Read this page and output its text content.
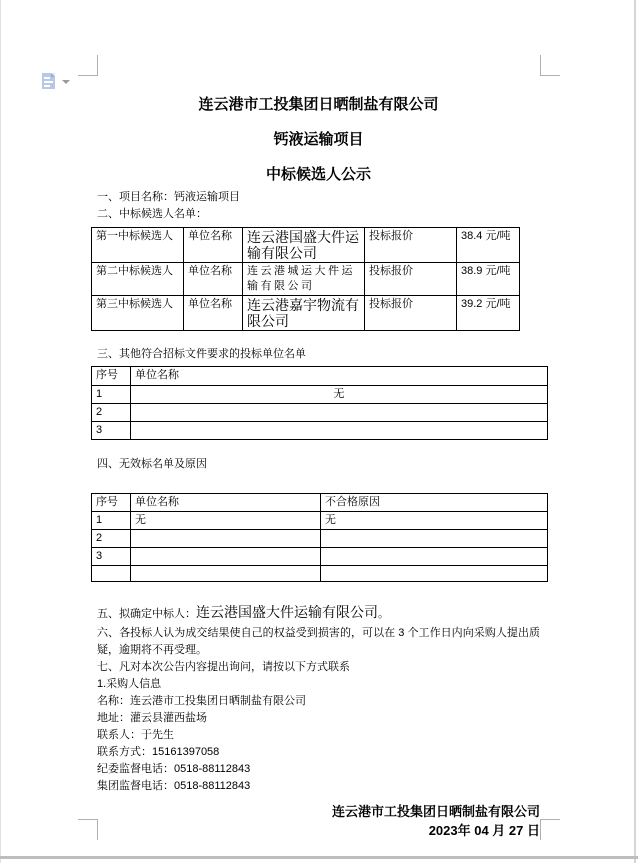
连云港市工投集团日晒制盐有限公司

钙液运输项目

中标候选人公示

一、项目名称：钙液运输项目

二、中标候选人名单：

第一中标候选人	单位名称	连云港国盛大件运输有限公司	投标报价	38.4 元/吨
第二中标候选人	单位名称	连云港城运大件运输有限公司	投标报价	38.9 元/吨
第三中标候选人	单位名称	连云港嘉宇物流有限公司	投标报价	39.2 元/吨

三、其他符合招标文件要求的投标单位名单

序号	单位名称
1	无
2	
3	

四、无效标名单及原因

序号	单位名称	不合格原因
1	无	无
2		
3		

五、拟确定中标人：连云港国盛大件运输有限公司。

六、各投标人认为成交结果使自己的权益受到损害的，可以在 3 个工作日内向采购人提出质疑，逾期将不再受理。

七、凡对本次公告内容提出询问，请按以下方式联系

1.采购人信息

名称：连云港市工投集团日晒制盐有限公司

地址：灌云县灌西盐场

联系人：于先生

联系方式：15161397058

纪委监督电话：0518-88112843

集团监督电话：0518-88112843

连云港市工投集团日晒制盐有限公司
2023年 04 月 27 日
